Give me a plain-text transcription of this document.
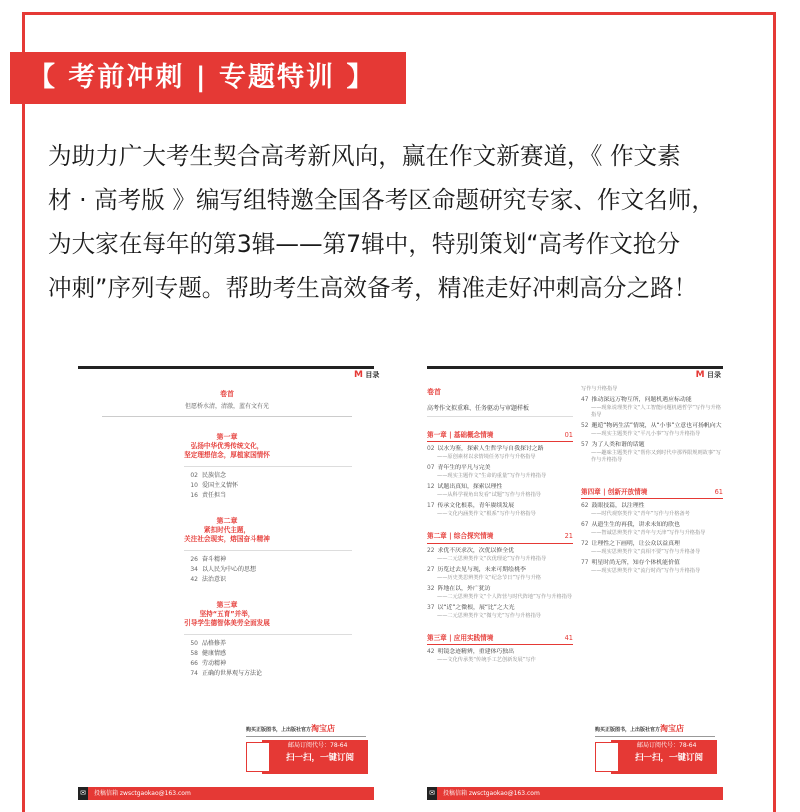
【 考前冲刺 | 专题特训 】

为助力广大考生契合高考新风向，赢在作文新赛道，《 作文素

材 · 高考版 》编写组特邀全国各考区命题研究专家、作文名师，

为大家在每年的第3辑——第7辑中，特别策划“高考作文抢分

冲刺”序列专题。帮助考生高效备考，精准走好冲刺高分之路！

卷首
但愿桥水清，清澈，蓝有文有光
第一章
弘扬中华优秀传统文化，
坚定理想信念，厚植家国情怀
02 民族信念
10 爱国主义情怀
16 责任担当
第二章
紧扣时代主题，
关注社会现实，熔国奋斗精神
26 奋斗精神
34 以人民为中心的思想
42 法治意识
第三章
坚持“五育”并举，
引导学生德智体美劳全面发展
50 品格修养
58 健康情感
66 劳动精神
74 正确的世界观与方法论
购买正版图书，上出版社官方淘宝店
邮局订阅代号：78-64
扫一扫，一键订阅
✉ 投稿信箱 zwsctgaokao@163.com
M 目录
卷首
高考作文拟重难、任务驱动与审题样板
第一章 | 基础概念情境	01
02 以水为鉴，探索人生哲学与自我探讨之路
——原创素材以求情境任务写作与升格指导
07 青年生的平凡与完美
——现实主题作文“生命的重量”写作与升格指导
12 试题出真知，探索以理性
——从科学视角出发看“试题”写作与升格指导
17 传承文化根系，青年赓续发展
——文化内涵类作文“根系”写作与升格指导
第二章 | 综合探究情境	21
22 求优不厌求次，次优以修全优
——二元思辨类作文“次优理论”写作与升格指导
27 历览过去见与现，未来可期绘桃李
——历史类思辨类作文“纪念节日”写作与升格
32 阵地在以，外广犹访
——二元思辨类作文“个人阵营与时代阵地”写作与升格指导
37 以“近”之微根，展“比”之大光
——二元思辨类作文“微与光”写作与升格指导
第三章 | 应用实践情境	41
42 明镜念迹精辨，重建体巧独出
——文化传承类“传统手工艺创新发展”写作
写作与升格指导
47 推动深远万物互所，问题机遇应标动能
——现象说理类作文“人工智能问题机遇哲学”写作与升格指导
52 邂逅“物码生活”情境，从“小事”立意也可扬帆向大
——现实主题类作文“平凡小事”写作与升格指导
57 为了人类和谐的话题
——趣味主题类作文“帮你又到时代中那界限规则故事”写作与升格指导
第四章 | 创新开放情境	61
62 鼓眼技篇，以注理性
——时代观察类作文“青年”写作与升格备考
67 从遗生生的再我，讲求未知的欣也
——智诚思辨类作文“青年与天津”写作与升格指导
72 让理性之下画明，让公众以益真理
——现实思辨类作文“真相不要”写作与升格备导
77 明星时尚无所，知存个体机能价值
——现实思辨类作文“流行时尚”写作与升格指导
购买正版图书，上出版社官方淘宝店
邮局订阅代号：78-64
扫一扫，一键订阅
✉ 投稿信箱 zwsctgaokao@163.com
M 目录
